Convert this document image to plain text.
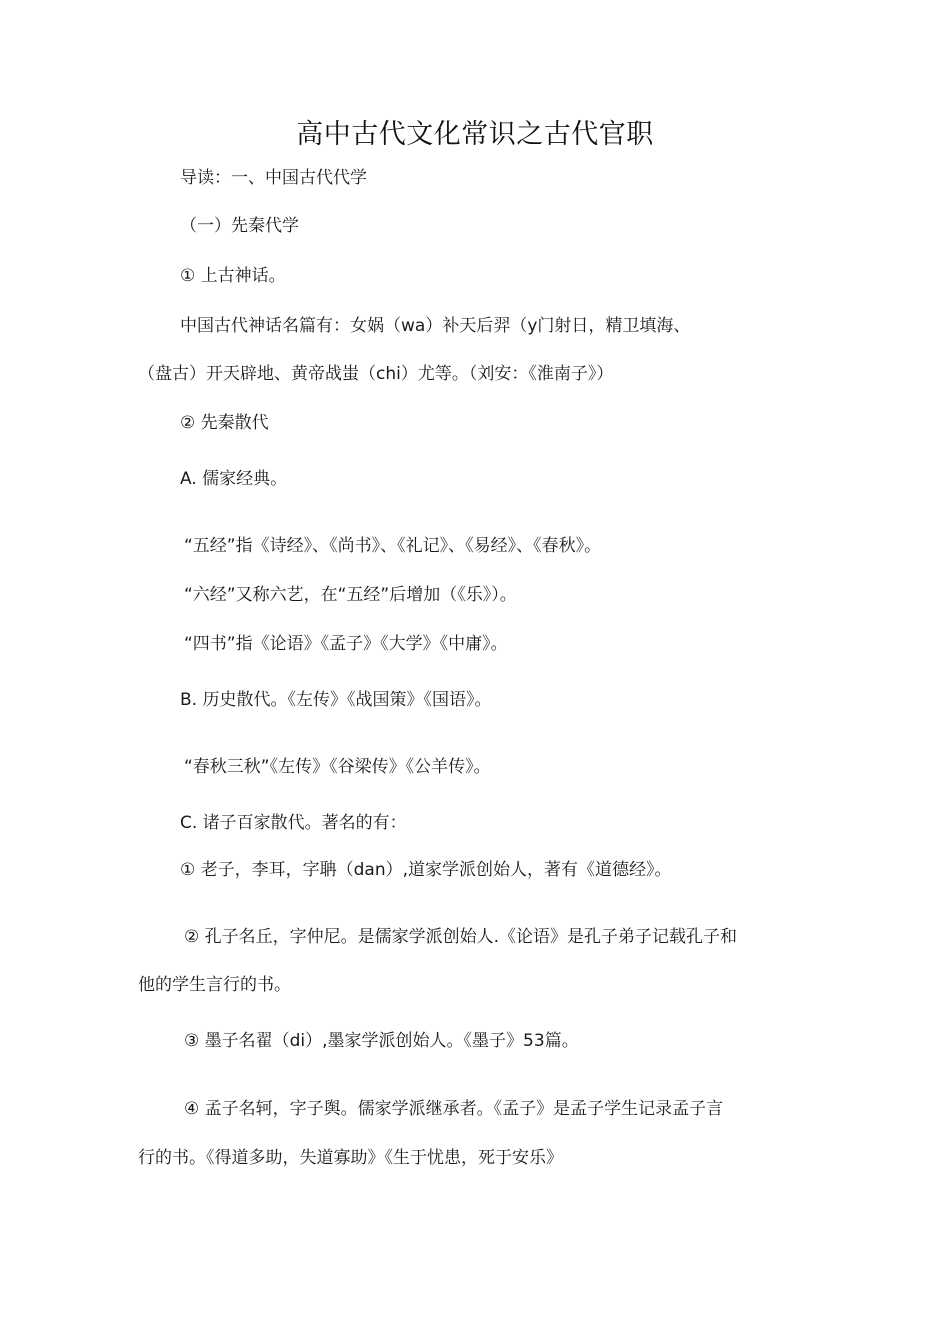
高中古代文化常识之古代官职
导读：一、中国古代代学
（一）先秦代学
① 上古神话。
中国古代神话名篇有：女娲（wa）补天后羿（y门射日，精卫填海、
（盘古）开天辟地、黄帝战蚩（chi）尤等。（刘安：《淮南子》）
② 先秦散代
A. 儒家经典。
“五经”指《诗经》、《尚书》、《礼记》、《易经》、《春秋》。
“六经”又称六艺，在“五经”后增加（《乐》）。
“四书”指《论语》《孟子》《大学》《中庸》。
B. 历史散代。《左传》《战国策》《国语》。
“春秋三秋”《左传》《谷梁传》《公羊传》。
C. 诸子百家散代。著名的有：
① 老子，李耳，字聃（dan）,道家学派创始人，著有《道德经》。
② 孔子名丘，字仲尼。是儒家学派创始人.《论语》是孔子弟子记载孔子和
他的学生言行的书。
③ 墨子名翟（di）,墨家学派创始人。《墨子》53篇。
④ 孟子名轲，字子舆。儒家学派继承者。《孟子》是孟子学生记录孟子言
行的书。《得道多助，失道寡助》《生于忧患，死于安乐》
